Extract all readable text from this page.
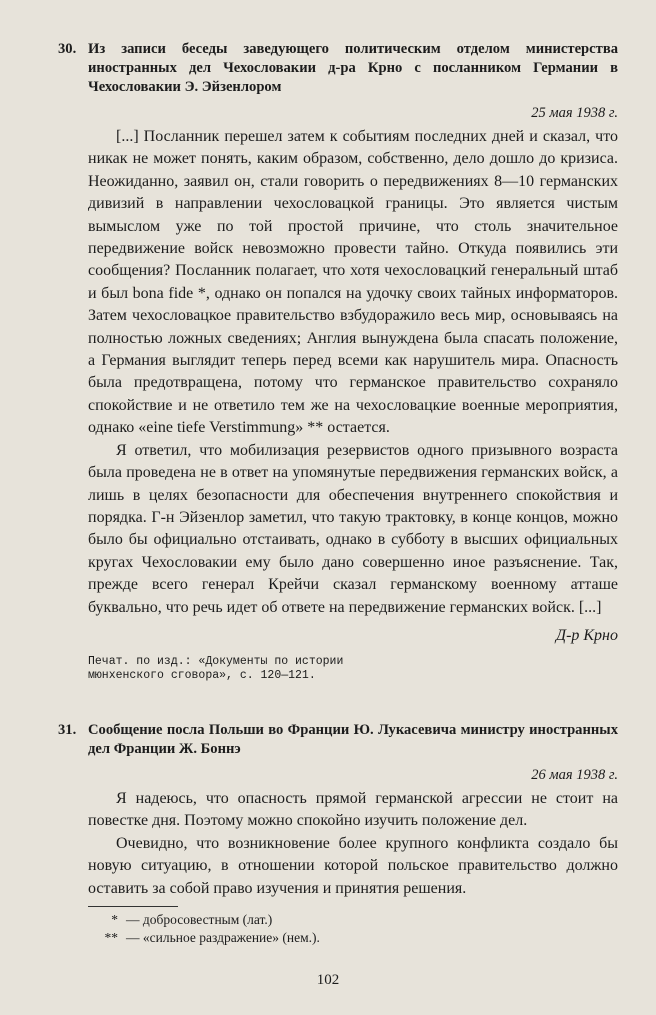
30. Из записи беседы заведующего политическим отделом министерства иностранных дел Чехословакии д-ра Крно с посланником Германии в Чехословакии Э. Эйзенлором
25 мая 1938 г.

[...] Посланник перешел затем к событиям последних дней и сказал, что никак не может понять, каким образом, собственно, дело дошло до кризиса. Неожиданно, заявил он, стали говорить о передвижениях 8—10 германских дивизий в направлении чехословацкой границы. Это является чистым вымыслом уже по той простой причине, что столь значительное передвижение войск невозможно провести тайно. Откуда появились эти сообщения? Посланник полагает, что хотя чехословацкий генеральный штаб и был bona fide *, однако он попался на удочку своих тайных информаторов. Затем чехословацкое правительство взбудоражило весь мир, основываясь на полностью ложных сведениях; Англия вынуждена была спасать положение, а Германия выглядит теперь перед всеми как нарушитель мира. Опасность была предотвращена, потому что германское правительство сохраняло спокойствие и не ответило тем же на чехословацкие военные мероприятия, однако «eine tiefe Verstimmung» ** остается.

Я ответил, что мобилизация резервистов одного призывного возраста была проведена не в ответ на упомянутые передвижения германских войск, а лишь в целях безопасности для обеспечения внутреннего спокойствия и порядка. Г-н Эйзенлор заметил, что такую трактовку, в конце концов, можно было бы официально отстаивать, однако в субботу в высших официальных кругах Чехословакии ему было дано совершенно иное разъяснение. Так, прежде всего генерал Крейчи сказал германскому военному атташе буквально, что речь идет об ответе на передвижение германских войск. [...]

Д-р Крно
Печат. по изд.: «Документы по истории мюнхенского сговора», с. 120—121.
31. Сообщение посла Польши во Франции Ю. Лукасевича министру иностранных дел Франции Ж. Боннэ
26 мая 1938 г.

Я надеюсь, что опасность прямой германской агрессии не стоит на повестке дня. Поэтому можно спокойно изучить положение дел.

Очевидно, что возникновение более крупного конфликта создало бы новую ситуацию, в отношении которой польское правительство должно оставить за собой право изучения и принятия решения.

* — добросовестным (лат.)
** — «сильное раздражение» (нем.).
102
